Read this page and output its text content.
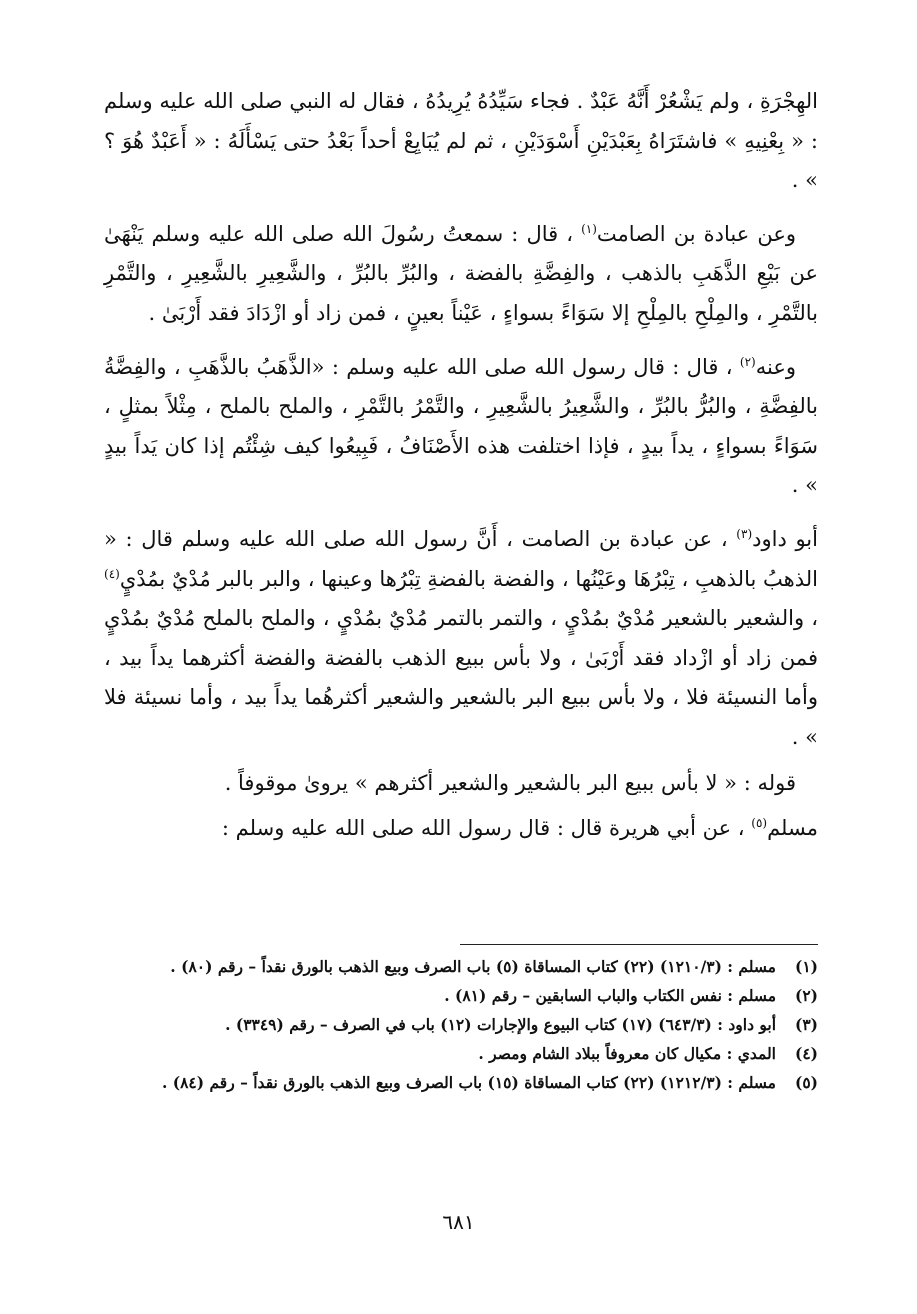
الهِجْرَةِ ، ولم يَشْعُرْ أَنَّهُ عَبْدٌ . فجاء سَيِّدُهُ يُرِيدُهُ ، فقال له النبي صلى الله عليه وسلم : « بِعْنِيهِ » فاشتَرَاهُ بِعَبْدَيْنِ أَسْوَدَيْنِ ، ثم لم يُبَايِعْ أحداً بَعْدُ حتى يَسْأَلَهُ : « أَعَبْدٌ هُوَ ؟ » .

وعن عبادة بن الصامت$^{(١)}$ ، قال : سمعتُ رسُولَ الله صلى الله عليه وسلم يَنْهَىٰ عن بَيْعِ الذَّهَبِ بالذهب ، والفِضَّةِ بالفضة ، والبُرِّ بالبُرِّ ، والشَّعِيرِ بالشَّعِيرِ ، والتَّمْرِ بالتَّمْرِ ، والمِلْحِ بالمِلْحِ إلا سَوَاءً بسواءٍ ، عَيْناً بعينٍ ، فمن زاد أو ازْدَادَ فقد أَرْبَىٰ .

وعنه$^{(٢)}$ ، قال : قال رسول الله صلى الله عليه وسلم : «الذَّهَبُ بالذَّهَبِ ، والفِضَّةُ بالفِضَّةِ ، والبُرُّ بالبُرِّ ، والشَّعِيرُ بالشَّعِيرِ ، والتَّمْرُ بالتَّمْرِ ، والملح بالملح ، مِثْلاً بمثلٍ ، سَوَاءً بسواءٍ ، يداً بيدٍ ، فإذا اختلفت هذه الأَصْنَافُ ، فَبِيعُوا كيف شِئْتُم إذا كان يَداً بيدٍ » .

أبو داود$^{(٣)}$ ، عن عبادة بن الصامت ، أَنَّ رسول الله صلى الله عليه وسلم قال : « الذهبُ بالذهبِ ، تِبْرُهَا وعَيْنُها ، والفضة بالفضةِ تِبْرُها وعينها ، والبر بالبر مُدْيٌ بمُدْيٍ$^{(٤)}$ ، والشعير بالشعير مُدْيٌ بمُدْيٍ ، والتمر بالتمر مُدْيٌ بمُدْيٍ ، والملح بالملح مُدْيٌ بمُدْيٍ فمن زاد أو ازْداد فقد أَرْبَىٰ ، ولا بأس ببيع الذهب بالفضة والفضة أكثرهما يداً بيد ، وأما النسيئة فلا ، ولا بأس ببيع البر بالشعير والشعير أكثرهُما يداً بيد ، وأما نسيئة فلا » .

قوله : « لا بأس ببيع البر بالشعير والشعير أكثرهم » يروىٰ موقوفاً .

مسلم$^{(٥)}$ ، عن أبي هريرة قال : قال رسول الله صلى الله عليه وسلم :

(١)
مسلم : (١٢١٠/٣) (٢٢) كتاب المساقاة (٥) باب الصرف وبيع الذهب بالورق نقداً – رقم (٨٠) .
(٢)
مسلم : نفس الكتاب والباب السابقين – رقم (٨١) .
(٣)
أبو داود : (٦٤٣/٣) (١٧) كتاب البيوع والإجارات (١٢) باب في الصرف – رقم (٣٣٤٩) .
(٤)
المدي : مكيال كان معروفاً ببلاد الشام ومصر .
(٥)
مسلم : (١٢١٢/٣) (٢٢) كتاب المساقاة (١٥) باب الصرف وبيع الذهب بالورق نقداً – رقم (٨٤) .
٦٨١
